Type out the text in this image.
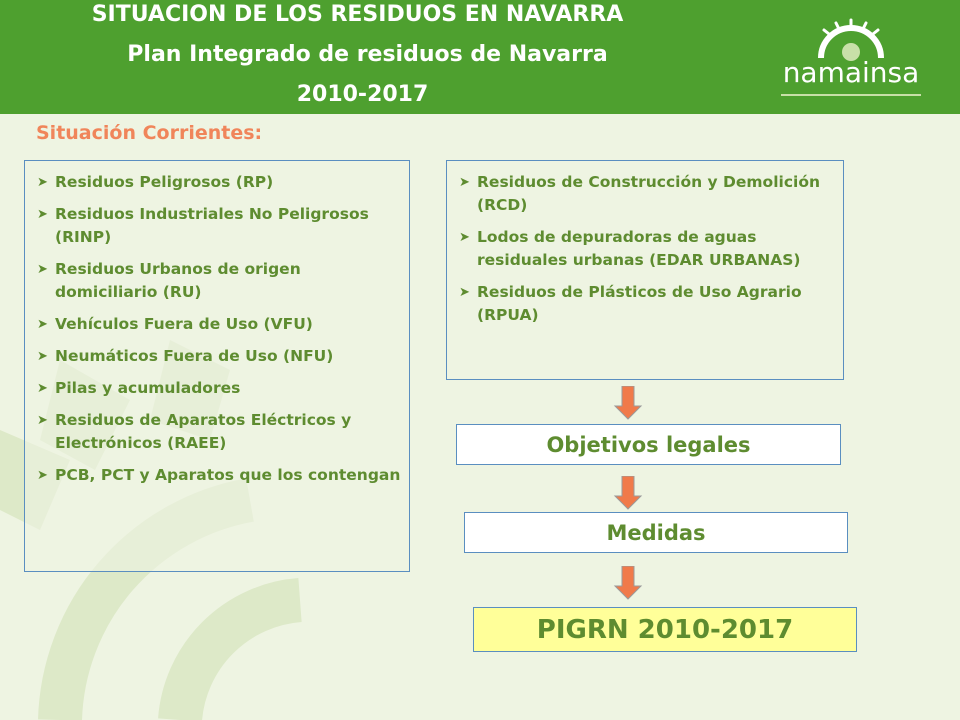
SITUACION DE LOS RESIDUOS EN NAVARRA
Plan Integrado de residuos de Navarra
2010-2017
namainsa
Situación Corrientes:
➤ Residuos Peligrosos (RP)
➤ Residuos Industriales No Peligrosos (RINP)
➤ Residuos Urbanos de origen domiciliario (RU)
➤ Vehículos Fuera de Uso (VFU)
➤ Neumáticos Fuera de Uso (NFU)
➤ Pilas y acumuladores
➤ Residuos de Aparatos Eléctricos y Electrónicos (RAEE)
➤ PCB, PCT y Aparatos que los contengan
➤ Residuos de Construcción y Demolición (RCD)
➤ Lodos de depuradoras de aguas residuales urbanas (EDAR URBANAS)
➤ Residuos de Plásticos de Uso Agrario (RPUA)
Objetivos legales
Medidas
PIGRN 2010-2017
